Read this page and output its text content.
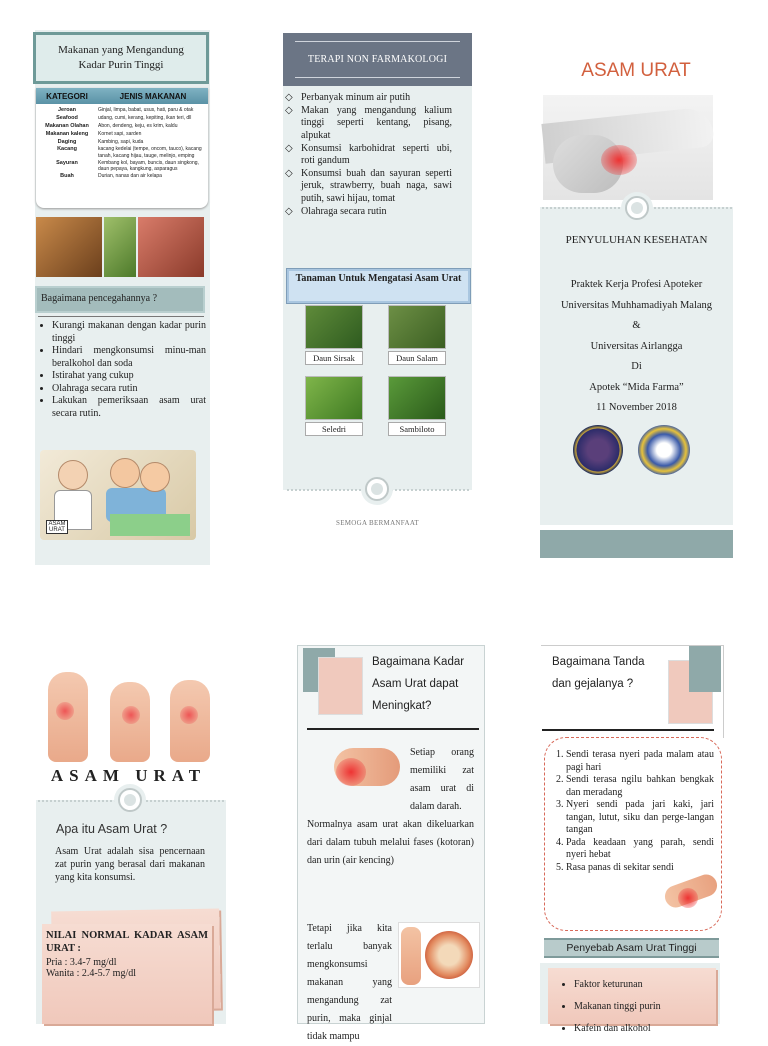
Makanan yang Mengandung Kadar Purin Tinggi
KATEGORI	JENIS MAKANAN
Jeroan	Ginjal, limpa, babat, usus, hati, paru & otak
Seafood	udang, cumi, kerang, kepiting, ikan teri, dll
Makanan Olahan	Abon, dendeng, keju, es krim, kaldu
Makanan kaleng	Kornet sapi, sarden
Daging	Kambing, sapi, kuda
Kacang	kacang kedelai (tempe, oncom, tauco), kacang tanah, kacang hijau, tauge, melinjo, emping
Sayuran	Kembang kol, bayam, buncis, daun singkong, daun pepaya, kangkung, asparagus
Buah	Durian, nanas dan air kelapa
Bagaimana pencegahannya ?
• Kurangi makanan dengan kadar purin tinggi
• Hindari mengkonsumsi minu-man beralkohol dan soda
• Istirahat yang cukup
• Olahraga secara rutin
• Lakukan pemeriksaan asam urat secara rutin.
ASAM URAT
TERAPI NON FARMAKOLOGI
◇ Perbanyak minum air putih
◇ Makan yang mengandung kalium tinggi seperti kentang, pisang, alpukat
◇ Konsumsi karbohidrat seperti ubi, roti gandum
◇ Konsumsi buah dan sayuran seperti jeruk, strawberry, buah naga, sawi putih, sawi hijau, tomat
◇ Olahraga secara rutin
Tanaman Untuk Mengatasi Asam Urat
Daun Sirsak	Daun Salam
Seledri	Sambiloto
SEMOGA BERMANFAAT
ASAM URAT
PENYULUHAN KESEHATAN
Praktek Kerja Profesi Apoteker
Universitas Muhhamadiyah Malang
&
Universitas Airlangga
Di
Apotek “Mida Farma”
11 November 2018
ASAM URAT
Apa itu Asam Urat ?
Asam Urat adalah sisa pencernaan zat purin yang berasal dari makanan yang kita konsumsi.
NILAI NORMAL KADAR ASAM URAT :
Pria : 3.4-7 mg/dl
Wanita : 2.4-5.7 mg/dl
Bagaimana Kadar Asam Urat dapat Meningkat?
Setiap orang memiliki zat asam urat di dalam darah.
Normalnya asam urat akan dikeluarkan dari dalam tubuh melalui fases (kotoran) dan urin (air kencing)
Tetapi jika kita terlalu banyak mengkonsumsi makanan yang mengandung zat purin, maka ginjal tidak mampu
Bagaimana Tanda dan gejalanya ?
1. Sendi terasa nyeri pada malam atau pagi hari
2. Sendi terasa ngilu bahkan bengkak dan meradang
3. Nyeri sendi pada jari kaki, jari tangan, lutut, siku dan perge-langan tangan
4. Pada keadaan yang parah, sendi nyeri hebat
5. Rasa panas di sekitar sendi
Penyebab Asam Urat Tinggi
• Faktor keturunan
• Makanan tinggi purin
• Kafein dan alkohol
